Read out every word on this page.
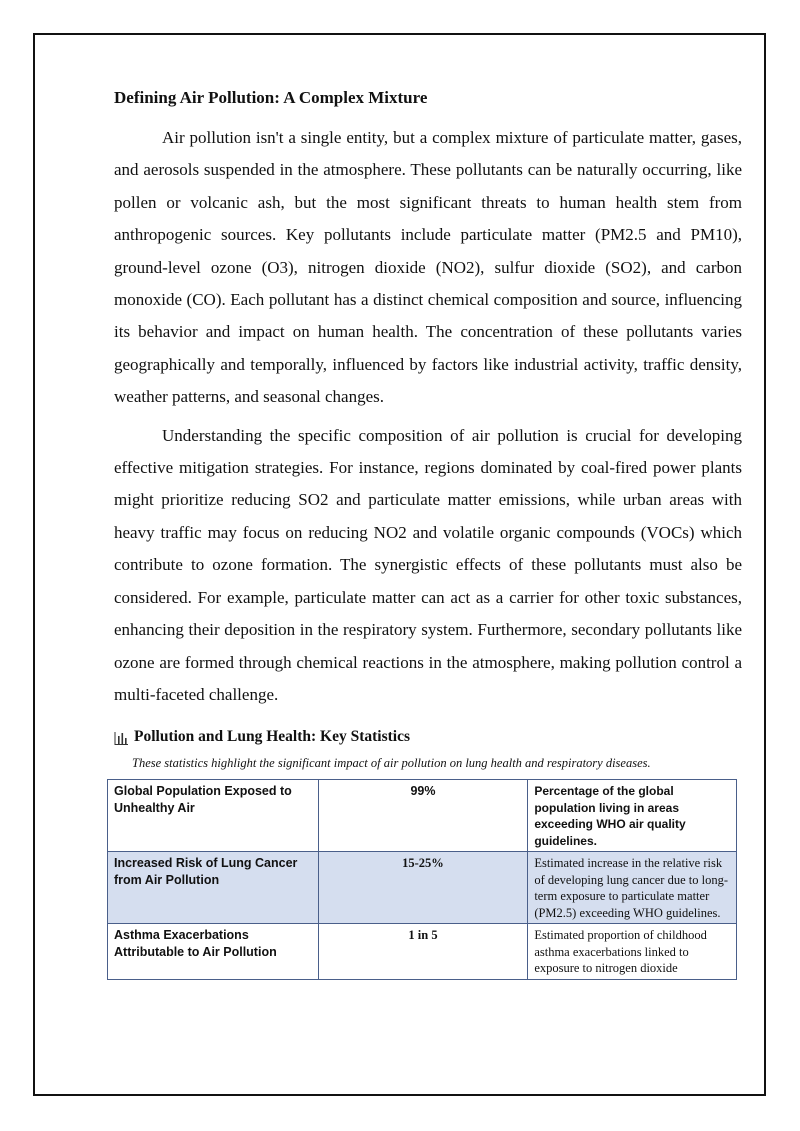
Defining Air Pollution: A Complex Mixture

Air pollution isn't a single entity, but a complex mixture of particulate matter, gases, and aerosols suspended in the atmosphere. These pollutants can be naturally occurring, like pollen or volcanic ash, but the most significant threats to human health stem from anthropogenic sources. Key pollutants include particulate matter (PM2.5 and PM10), ground-level ozone (O3), nitrogen dioxide (NO2), sulfur dioxide (SO2), and carbon monoxide (CO). Each pollutant has a distinct chemical composition and source, influencing its behavior and impact on human health. The concentration of these pollutants varies geographically and temporally, influenced by factors like industrial activity, traffic density, weather patterns, and seasonal changes.

Understanding the specific composition of air pollution is crucial for developing effective mitigation strategies. For instance, regions dominated by coal-fired power plants might prioritize reducing SO2 and particulate matter emissions, while urban areas with heavy traffic may focus on reducing NO2 and volatile organic compounds (VOCs) which contribute to ozone formation. The synergistic effects of these pollutants must also be considered. For example, particulate matter can act as a carrier for other toxic substances, enhancing their deposition in the respiratory system. Furthermore, secondary pollutants like ozone are formed through chemical reactions in the atmosphere, making pollution control a multi-faceted challenge.

Pollution and Lung Health: Key Statistics
These statistics highlight the significant impact of air pollution on lung health and respiratory diseases.
Global Population Exposed to Unhealthy Air	99%	Percentage of the global population living in areas exceeding WHO air quality guidelines.
Increased Risk of Lung Cancer from Air Pollution	15-25%	Estimated increase in the relative risk of developing lung cancer due to long-term exposure to particulate matter (PM2.5) exceeding WHO guidelines.
Asthma Exacerbations Attributable to Air Pollution	1 in 5	Estimated proportion of childhood asthma exacerbations linked to exposure to nitrogen dioxide
